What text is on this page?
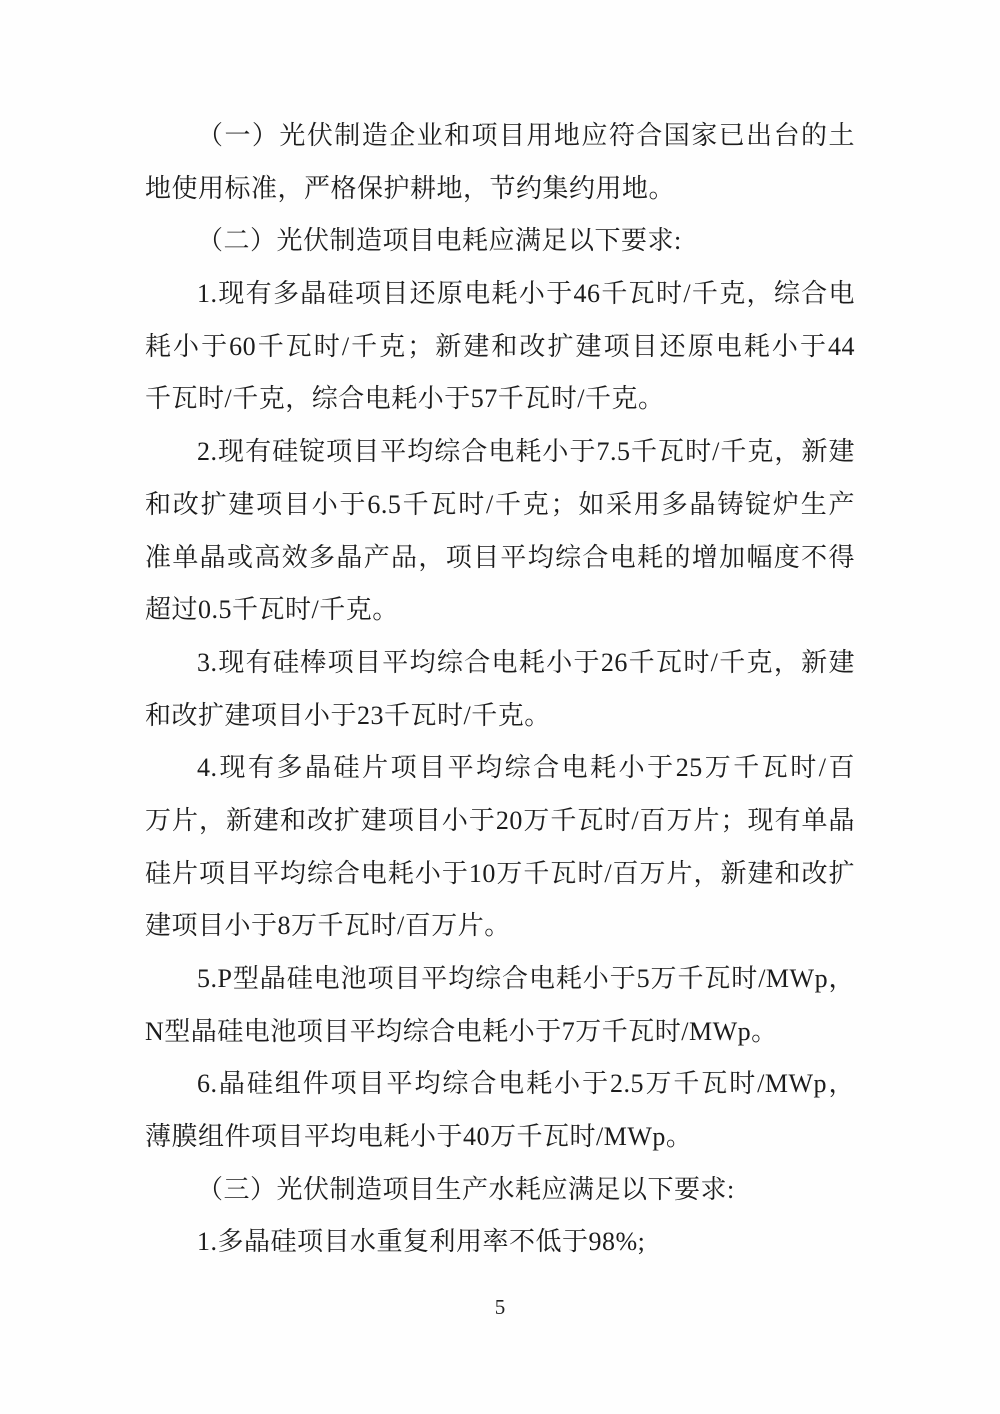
（一）光伏制造企业和项目用地应符合国家已出台的土
地使用标准，严格保护耕地，节约集约用地。
（二）光伏制造项目电耗应满足以下要求:
1.现有多晶硅项目还原电耗小于46千瓦时/千克，综合电
耗小于60千瓦时/千克；新建和改扩建项目还原电耗小于44
千瓦时/千克，综合电耗小于57千瓦时/千克。
2.现有硅锭项目平均综合电耗小于7.5千瓦时/千克，新建
和改扩建项目小于6.5千瓦时/千克；如采用多晶铸锭炉生产
准单晶或高效多晶产品，项目平均综合电耗的增加幅度不得
超过0.5千瓦时/千克。
3.现有硅棒项目平均综合电耗小于26千瓦时/千克，新建
和改扩建项目小于23千瓦时/千克。
4.现有多晶硅片项目平均综合电耗小于25万千瓦时/百
万片，新建和改扩建项目小于20万千瓦时/百万片；现有单晶
硅片项目平均综合电耗小于10万千瓦时/百万片，新建和改扩
建项目小于8万千瓦时/百万片。
5.P型晶硅电池项目平均综合电耗小于5万千瓦时/MWp，
N型晶硅电池项目平均综合电耗小于7万千瓦时/MWp。
6.晶硅组件项目平均综合电耗小于2.5万千瓦时/MWp，
薄膜组件项目平均电耗小于40万千瓦时/MWp。
（三）光伏制造项目生产水耗应满足以下要求:
1.多晶硅项目水重复利用率不低于98%;
5
